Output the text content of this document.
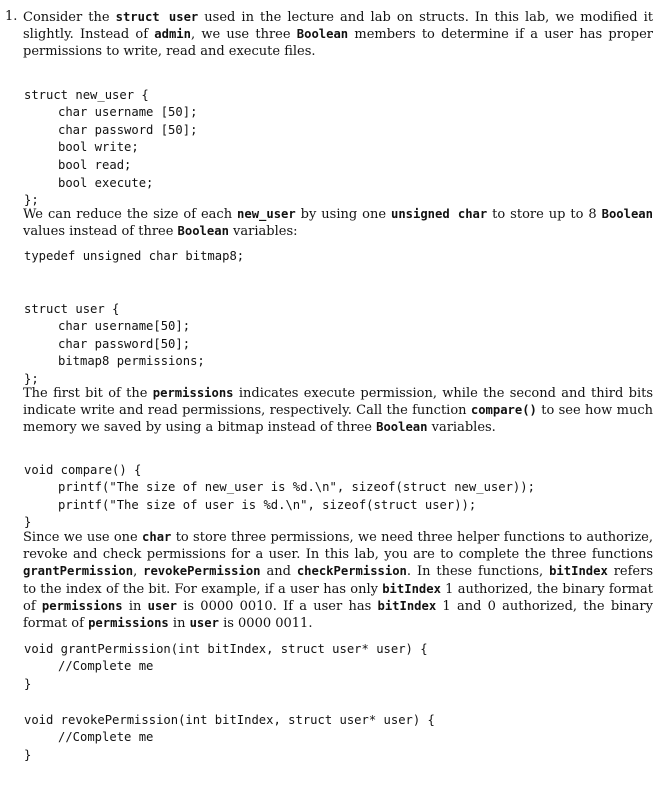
1. Consider the struct user used in the lecture and lab on structs. In this lab, we modified it slightly. Instead of admin, we use three Boolean members to determine if a user has proper permissions to write, read and execute files.

struct new_user {
char username [50];
char password [50];
bool write;
bool read;
bool execute;
};

We can reduce the size of each new_user by using one unsigned char to store up to 8 Boolean values instead of three Boolean variables:

typedef unsigned char bitmap8;

struct user {
char username[50];
char password[50];
bitmap8 permissions;
};

The first bit of the permissions indicates execute permission, while the second and third bits indicate write and read permissions, respectively. Call the function compare() to see how much memory we saved by using a bitmap instead of three Boolean variables.

void compare() {
printf("The size of new_user is %d.\n", sizeof(struct new_user));
printf("The size of user is %d.\n", sizeof(struct user));
}

Since we use one char to store three permissions, we need three helper functions to authorize, revoke and check permissions for a user. In this lab, you are to complete the three functions grantPermission, revokePermission and checkPermission. In these functions, bitIndex refers to the index of the bit. For example, if a user has only bitIndex 1 authorized, the binary format of permissions in user is 0000 0010. If a user has bitIndex 1 and 0 authorized, the binary format of permissions in user is 0000 0011.

void grantPermission(int bitIndex, struct user* user) {
//Complete me
}

void revokePermission(int bitIndex, struct user* user) {
//Complete me
}
